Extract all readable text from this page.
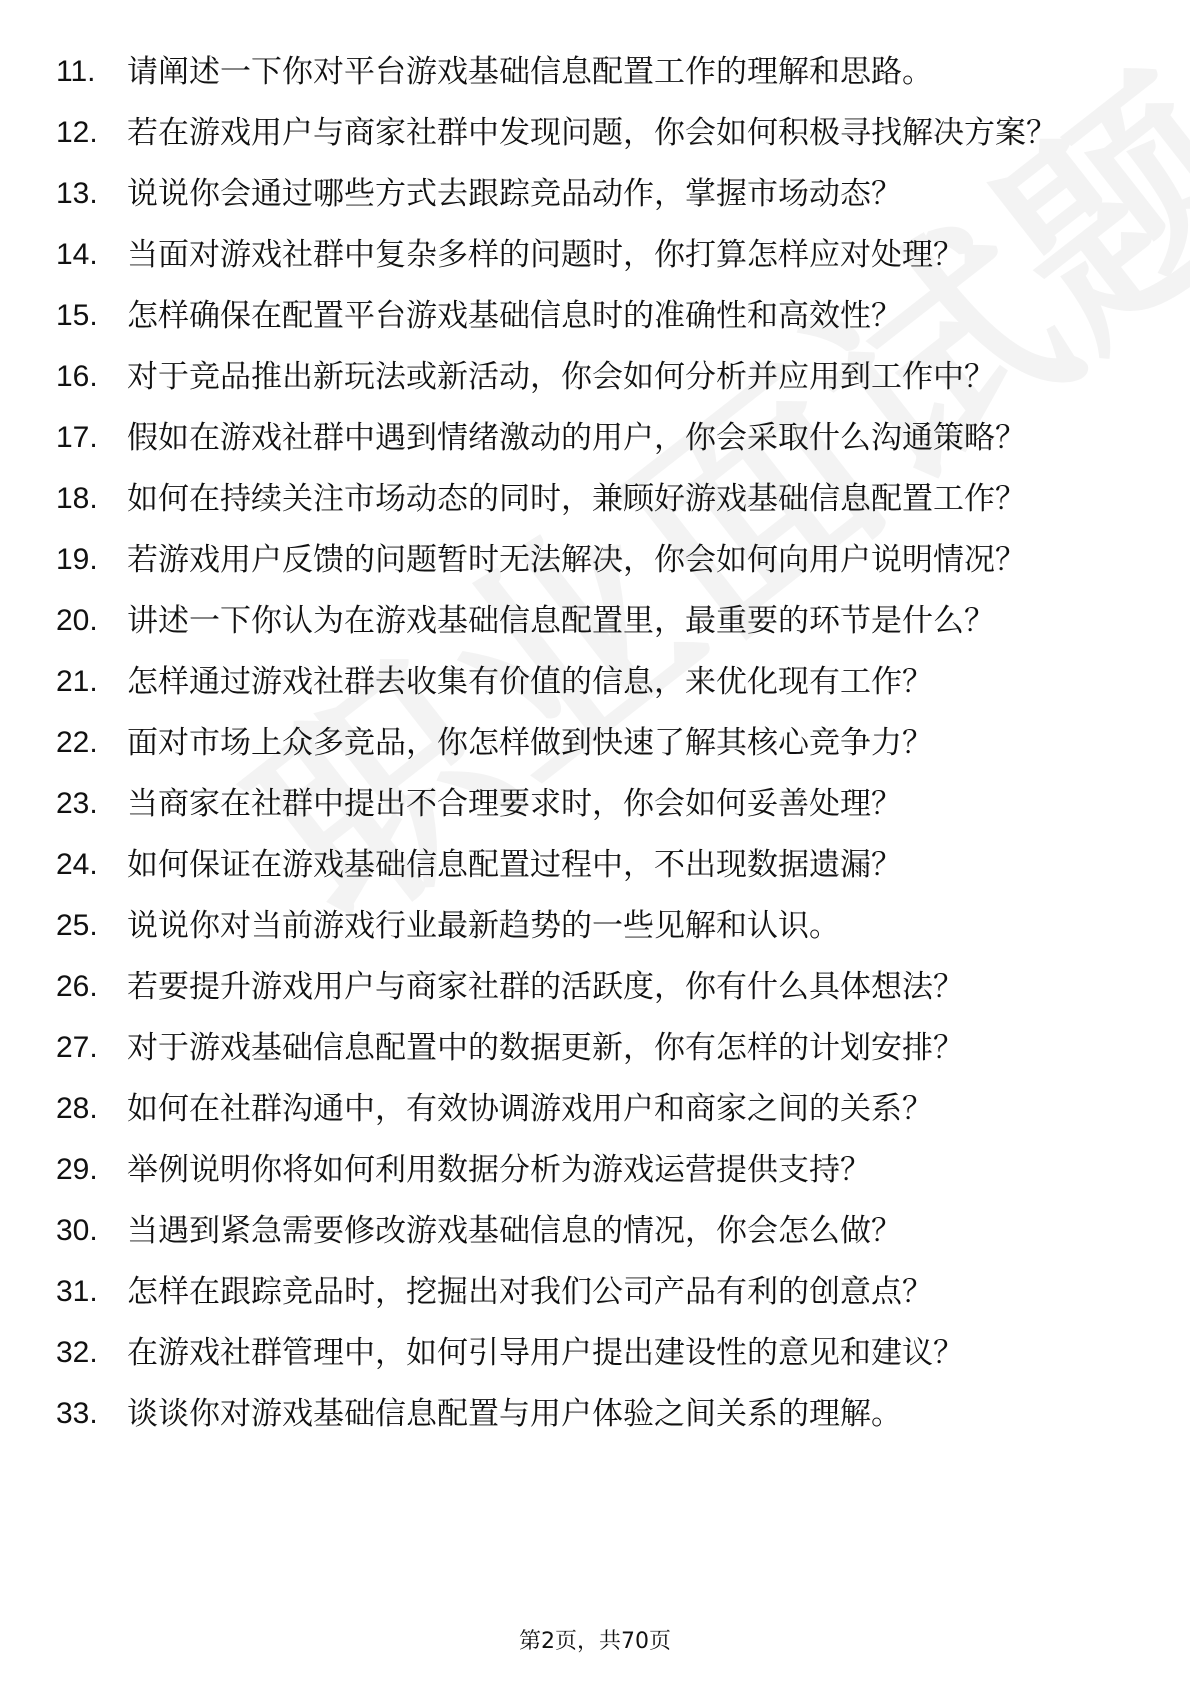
11.	请阐述一下你对平台游戏基础信息配置工作的理解和思路。
12. 若在游戏用户与商家社群中发现问题，你会如何积极寻找解决方案？
13. 说说你会通过哪些方式去跟踪竞品动作，掌握市场动态？
14. 当面对游戏社群中复杂多样的问题时，你打算怎样应对处理？
15. 怎样确保在配置平台游戏基础信息时的准确性和高效性？
16. 对于竞品推出新玩法或新活动，你会如何分析并应用到工作中？
17. 假如在游戏社群中遇到情绪激动的用户，你会采取什么沟通策略？
18. 如何在持续关注市场动态的同时，兼顾好游戏基础信息配置工作？
19. 若游戏用户反馈的问题暂时无法解决，你会如何向用户说明情况？
20. 讲述一下你认为在游戏基础信息配置里，最重要的环节是什么？
21. 怎样通过游戏社群去收集有价值的信息，来优化现有工作？
22. 面对市场上众多竞品，你怎样做到快速了解其核心竞争力？
23. 当商家在社群中提出不合理要求时，你会如何妥善处理？
24. 如何保证在游戏基础信息配置过程中，不出现数据遗漏？
25. 说说你对当前游戏行业最新趋势的一些见解和认识。
26. 若要提升游戏用户与商家社群的活跃度，你有什么具体想法？
27. 对于游戏基础信息配置中的数据更新，你有怎样的计划安排？
28. 如何在社群沟通中，有效协调游戏用户和商家之间的关系？
29. 举例说明你将如何利用数据分析为游戏运营提供支持？
30. 当遇到紧急需要修改游戏基础信息的情况，你会怎么做？
31. 怎样在跟踪竞品时，挖掘出对我们公司产品有利的创意点？
32. 在游戏社群管理中，如何引导用户提出建设性的意见和建议？
33. 谈谈你对游戏基础信息配置与用户体验之间关系的理解。
第2页，共70页
